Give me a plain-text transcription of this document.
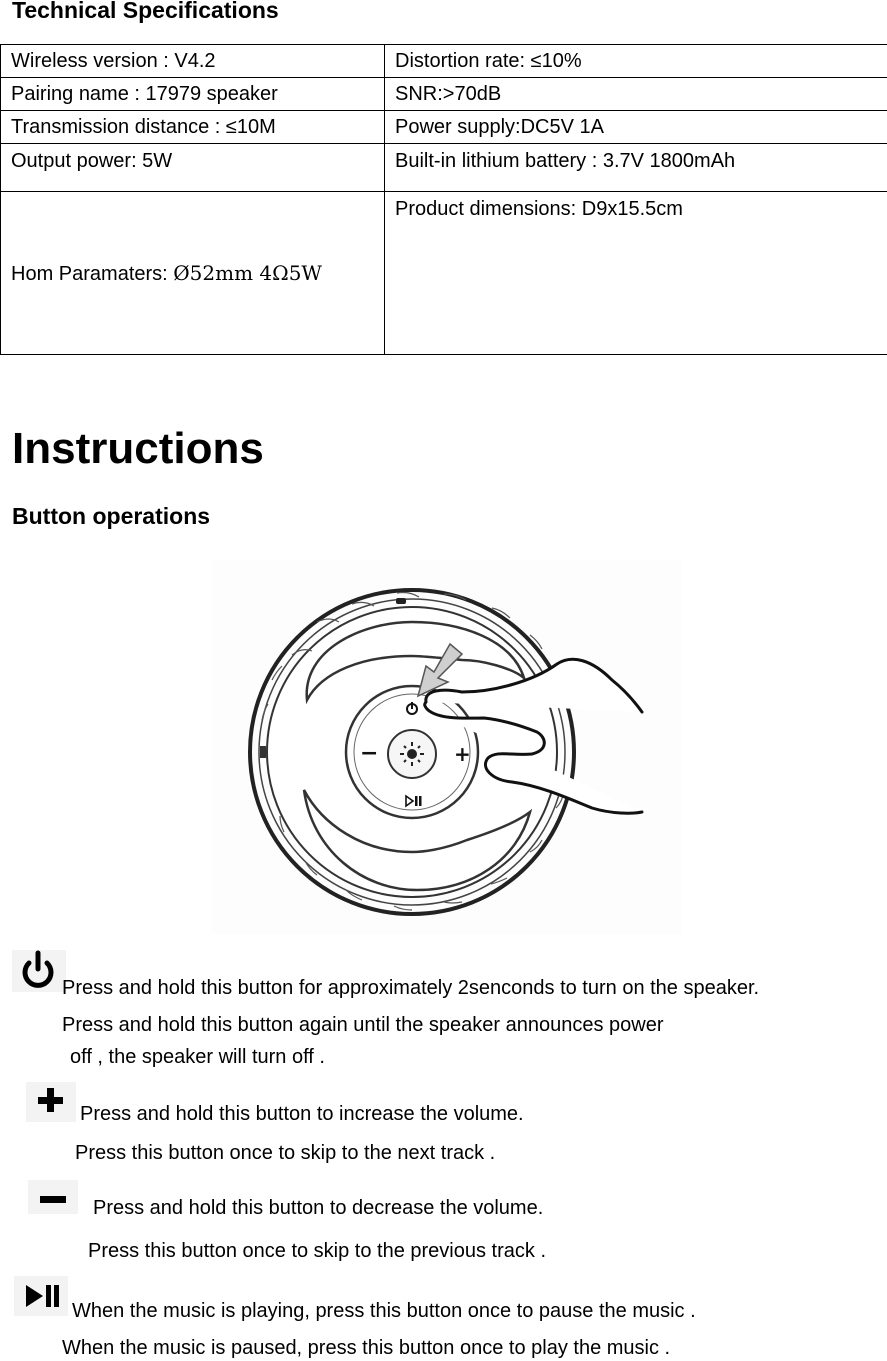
Technical Specifications
Wireless version : V4.2	Distortion rate: ≤10%
Pairing name : 17979 speaker	SNR:>70dB
Transmission distance : ≤10M	Power supply:DC5V 1A
Output power: 5W	Built-in lithium battery : 3.7V 1800mAh
Hom Paramaters: Ø52mm 4Ω5W	Product dimensions: D9x15.5cm
Instructions
Button operations
−	+
Press and hold this button for approximately 2senconds to turn on the speaker.
Press and hold this button again until the speaker announces power
off , the speaker will turn off .
Press and hold this button to increase the volume.
Press this button once to skip to the next track .
Press and hold this button to decrease the volume.
Press this button once to skip to the previous track .
When the music is playing, press this button once to pause the music .
When the music is paused, press this button once to play the music .
